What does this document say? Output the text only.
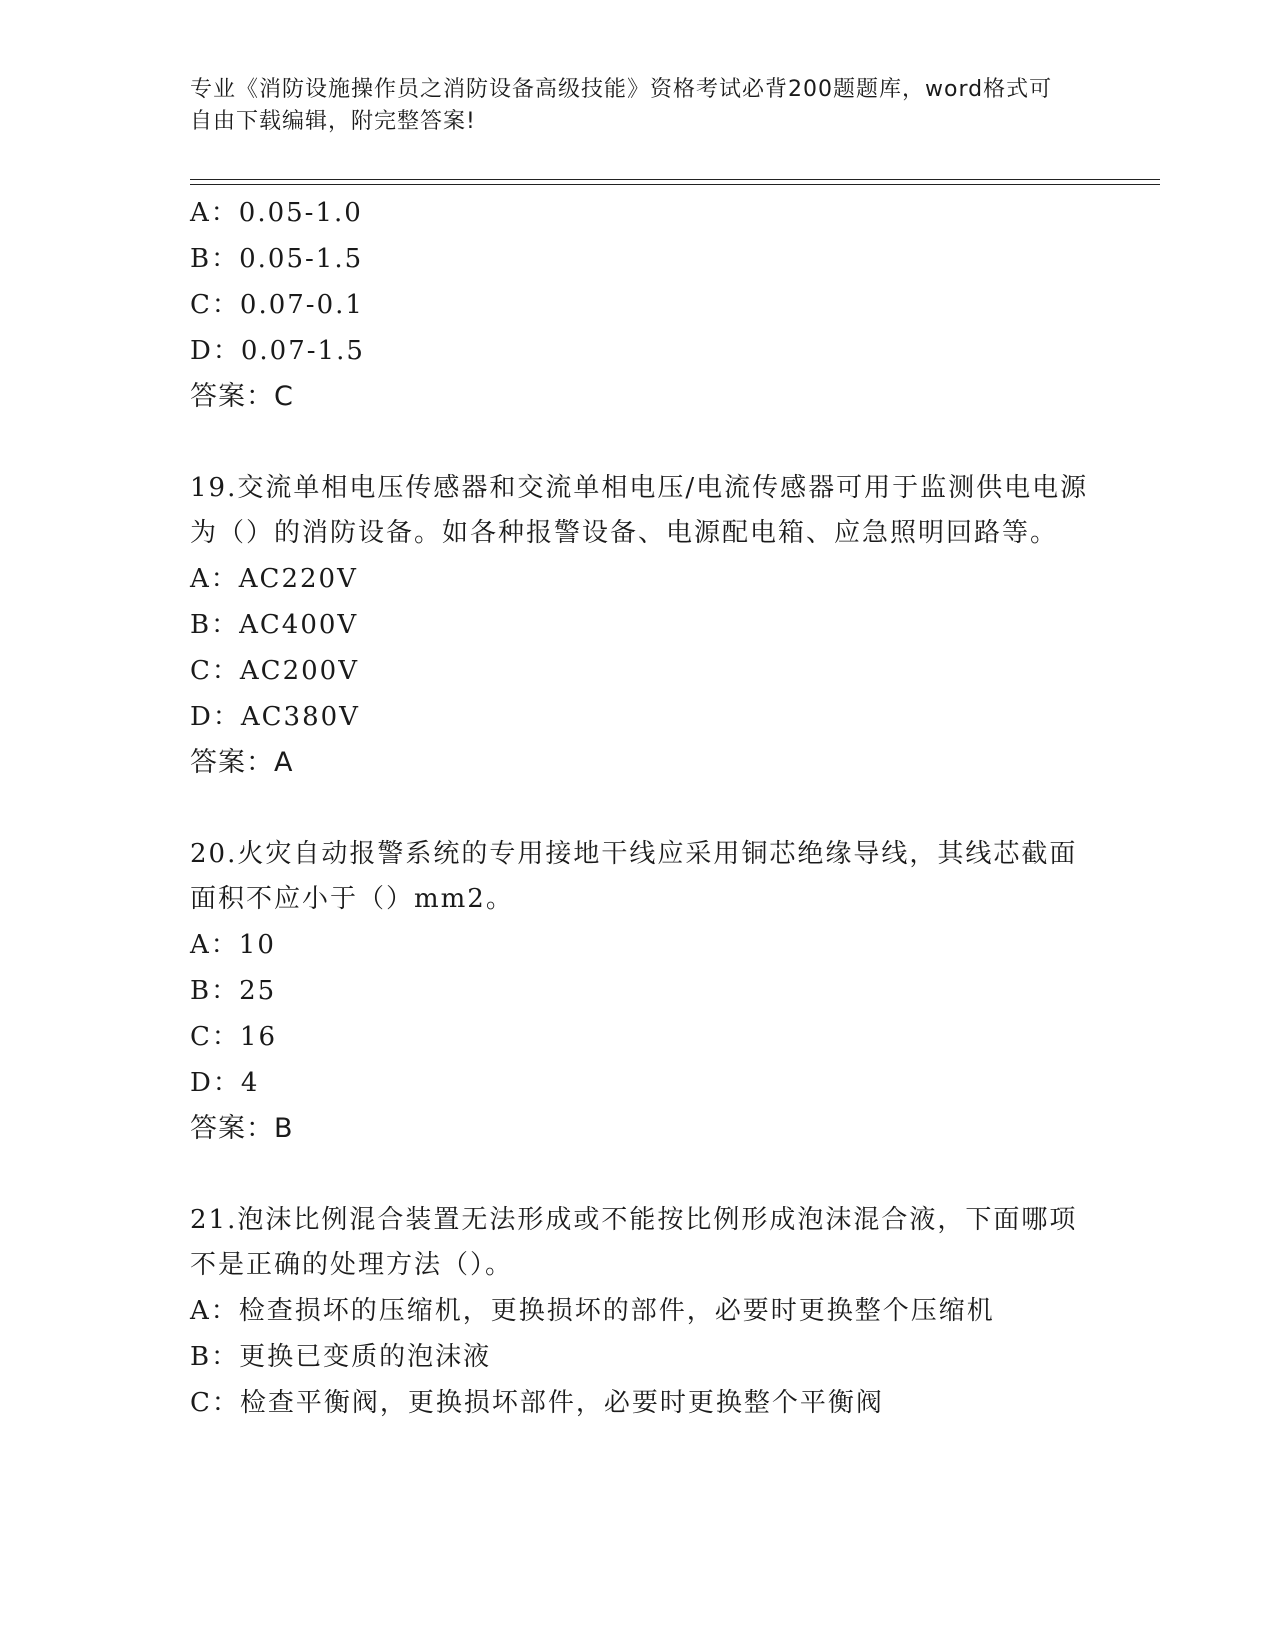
专业《消防设施操作员之消防设备高级技能》资格考试必背200题题库，word格式可自由下载编辑，附完整答案!
A：0.05-1.0
B：0.05-1.5
C：0.07-0.1
D：0.07-1.5
答案：C
19.交流单相电压传感器和交流单相电压/电流传感器可用于监测供电电源为（）的消防设备。如各种报警设备、电源配电箱、应急照明回路等。
A：AC220V
B：AC400V
C：AC200V
D：AC380V
答案：A
20.火灾自动报警系统的专用接地干线应采用铜芯绝缘导线，其线芯截面面积不应小于（）mm2。
A：10
B：25
C：16
D：4
答案：B
21.泡沫比例混合装置无法形成或不能按比例形成泡沫混合液，下面哪项不是正确的处理方法（）。
A：检查损坏的压缩机，更换损坏的部件，必要时更换整个压缩机
B：更换已变质的泡沫液
C：检查平衡阀，更换损坏部件，必要时更换整个平衡阀
